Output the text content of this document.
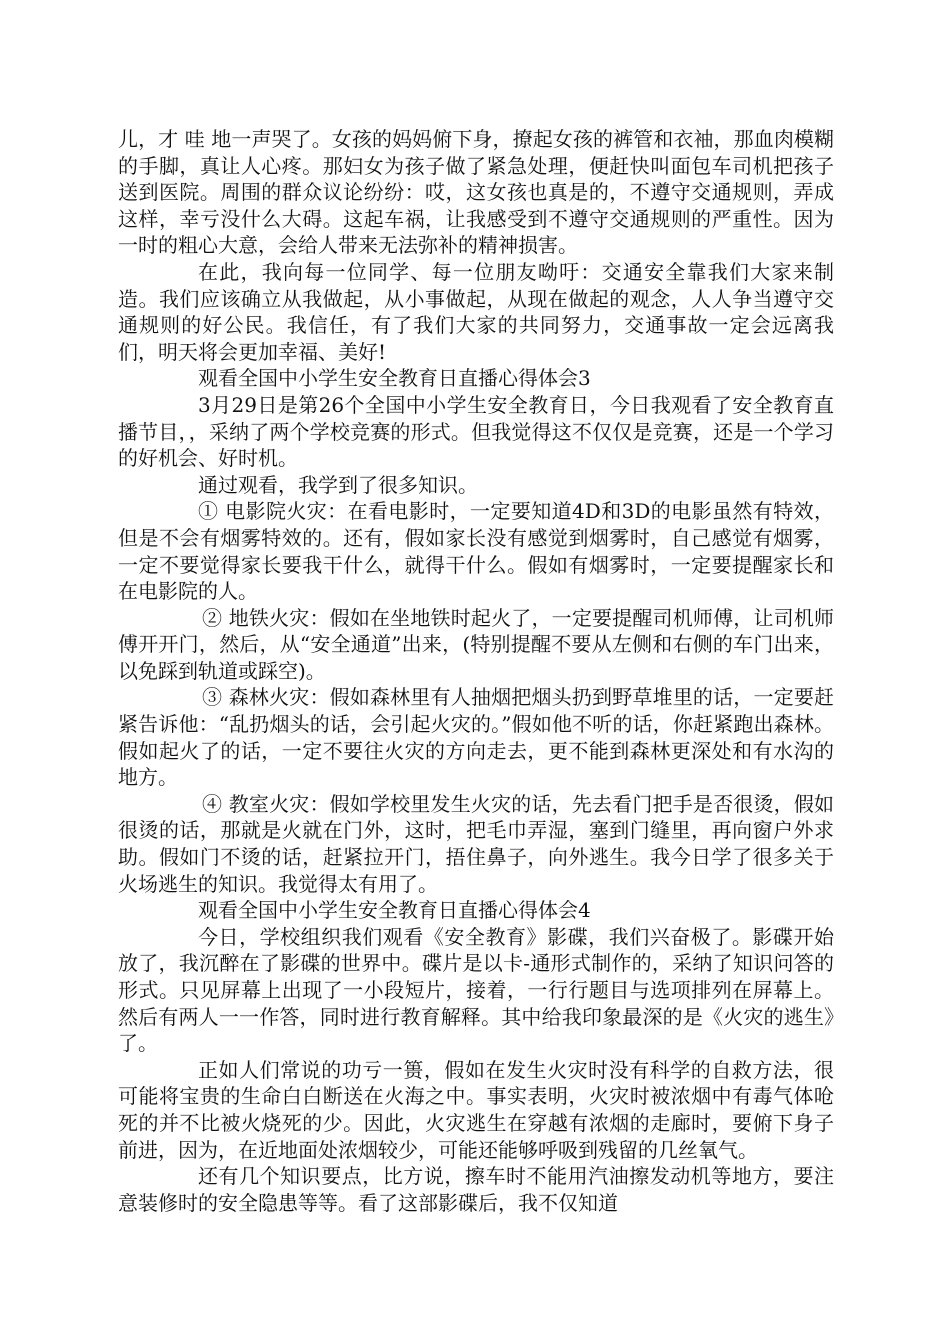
儿，才 哇 地一声哭了。女孩的妈妈俯下身，撩起女孩的裤管和衣袖，那血肉模糊的手脚，真让人心疼。那妇女为孩子做了紧急处理，便赶快叫面包车司机把孩子送到医院。周围的群众议论纷纷：哎，这女孩也真是的，不遵守交通规则，弄成这样，幸亏没什么大碍。这起车祸，让我感受到不遵守交通规则的严重性。因为一时的粗心大意，会给人带来无法弥补的精神损害。

在此，我向每一位同学、每一位朋友呦吁：交通安全靠我们大家来制造。我们应该确立从我做起，从小事做起，从现在做起的观念，人人争当遵守交通规则的好公民。我信任，有了我们大家的共同努力，交通事故一定会远离我们，明天将会更加幸福、美好!

观看全国中小学生安全教育日直播心得体会3

3月29日是第26个全国中小学生安全教育日，今日我观看了安全教育直播节目，，采纳了两个学校竞赛的形式。但我觉得这不仅仅是竞赛，还是一个学习的好机会、好时机。

通过观看，我学到了很多知识。

① 电影院火灾：在看电影时，一定要知道4D和3D的电影虽然有特效，但是不会有烟雾特效的。还有，假如家长没有感觉到烟雾时，自己感觉有烟雾，一定不要觉得家长要我干什么，就得干什么。假如有烟雾时，一定要提醒家长和在电影院的人。

② 地铁火灾：假如在坐地铁时起火了，一定要提醒司机师傅，让司机师傅开开门，然后，从“安全通道”出来，(特别提醒不要从左侧和右侧的车门出来，以免踩到轨道或踩空)。

③ 森林火灾：假如森林里有人抽烟把烟头扔到野草堆里的话，一定要赶紧告诉他：“乱扔烟头的话，会引起火灾的。”假如他不听的话，你赶紧跑出森林。假如起火了的话，一定不要往火灾的方向走去，更不能到森林更深处和有水沟的地方。

④ 教室火灾：假如学校里发生火灾的话，先去看门把手是否很烫，假如很烫的话，那就是火就在门外，这时，把毛巾弄湿，塞到门缝里，再向窗户外求助。假如门不烫的话，赶紧拉开门，捂住鼻子，向外逃生。我今日学了很多关于火场逃生的知识。我觉得太有用了。

观看全国中小学生安全教育日直播心得体会4

今日，学校组织我们观看《安全教育》影碟，我们兴奋极了。影碟开始放了，我沉醉在了影碟的世界中。碟片是以卡-通形式制作的，采纳了知识问答的形式。只见屏幕上出现了一小段短片，接着，一行行题目与选项排列在屏幕上。然后有两人一一作答，同时进行教育解释。其中给我印象最深的是《火灾的逃生》了。

正如人们常说的功亏一篑，假如在发生火灾时没有科学的自救方法，很可能将宝贵的生命白白断送在火海之中。事实表明，火灾时被浓烟中有毒气体呛死的并不比被火烧死的少。因此，火灾逃生在穿越有浓烟的走廊时，要俯下身子前进，因为，在近地面处浓烟较少，可能还能够呼吸到残留的几丝氧气。

还有几个知识要点，比方说，擦车时不能用汽油擦发动机等地方，要注意装修时的安全隐患等等。看了这部影碟后，我不仅知道
